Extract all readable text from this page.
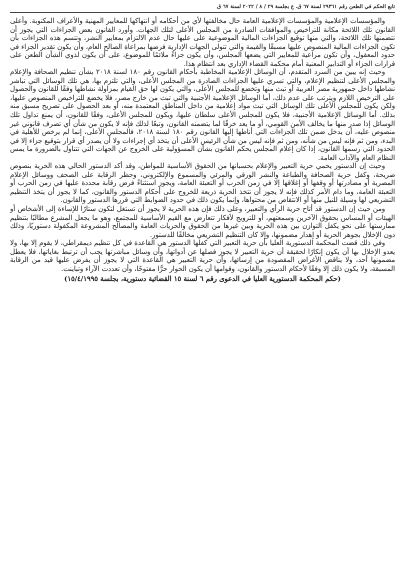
تابع الحكم في الطعن رقم ٢٩٣٦١ لسنة ٦٧ ق. ع بجلسة ٢٩ / ٨ / ٢٠٢٢ لسنة ٦٧ ق

والمؤسسات الإعلامية والمؤسسات الإعلامية العامة حال مخالفتها لأي من أحكامه أو انتهاكها للمعايير المهنية والأعراف المكتوبة. وأعلى القانون تلك اللائحة مكانة للتراخيص والموافقات الصادرة من المجلس الأعلى لتلك الجهات. وأورد القانون بعض الجزاءات التي يجوز أن تتضمنها تلك اللائحة، والتي منها توقيع الجزاءات المالية الموضوعية على عليها حال عدم الالتزام بمعايير النشر، وتتسم هذه الجزاءات بأن تكون الجزاءات المالية المنصوص عليها مسبقًا والقيمة والتي تتولى الجهات الإدارية فرضها بمراعاة الصالح العام، وأن يكون تقدير الجزاء في حدود المعقول، وأن تكون مراعية للمعايير التي يضعها المجلس، وأن يكون جزاءً ملائمًا للموضوع، على أن يكون لذوي الشأن الطعن على قرارات الجزاء أو التدابير المعنية أمام محكمة القضاء الإداري بعد انتظام هذا.

وحيث إنه يبين من السرد المتقدم، أن الوسائل الإعلامية المخاطبة بأحكام القانون رقم ١٨٠ لسنة ٢٠١٨ بشأن تنظيم الصحافة والإعلام والمجلس الأعلى لتنظيم الإعلام، والتي تسري عليها الجزاءات الصادرة من المجلس الأعلى، والتي تلتزم بها، هي تلك الوسائل التي تباشر نشاطها داخل جمهورية مصر العربية أو تبث منها وتخضع للمجلس الأعلى، والتي يكون لها حق القيام بمزاولة نشاطها وفقًا للقانون والحصول على الترخيص اللازم ويترتب على عدم ذلك، أما الوسائل الإعلامية الأجنبية والتي تبث من خارج مصر، فلا يخضع للتراخيص المنصوص عليها، ولكن يكون للمجلس الأعلى تلك الوسائل التي تبث مواد إعلامية من داخل المناطق المعتمدة منه، أو بعد الحصول على تصريح مسبق منه بذلك. أما الوسائل الإعلامية الأجنبية، فلا يكون للمجلس الأعلى سلطان عليها، ويكون للمجلس الأعلى، وفقًا للقانون، أن يمنع تداول تلك الوسائل إذا صدر منها ما يخالف الأمن القومي، أو ما يعد خرقًا لما يتضمنه القانون، وتبعًا لذلك فإنه لا يكون من شأن أي تصرف قانوني غير منصوص عليه، أن يدخل ضمن تلك الجزاءات التي أناطها إليها القانون رقم ١٨٠ لسنة ٢٠١٨، فالمجلس الأعلى، إنما لم يرخص للأهلية في البدء، ومن ثم فإنه ليس من شأنه، ومن ثم فإنه ليس من شأن الرئيس الأعلى أن يتخذ أي إجراءات ولا أن يصدر أي قرار بتوقيع جزاء إلا في الحدود التي رسمها القانون، إذا كان إعلام المجلس يحكم القانون بشأن المسؤولية على الخروج عن الجهات التي تتناول بالضرورة ما يمس النظام العام والآداب العامة.

وحيث إن الدستور يحمي حرية التعبير والإعلام بحسبانها من الحقوق الأساسية للمواطن، وقد أكد الدستور الحالي هذه الحرية بنصوص صريحة، وكفل حرية الصحافة والطباعة والنشر الورقي والمرئي والمسموع والإلكتروني، وحظر الرقابة على الصحف ووسائل الإعلام المصرية أو مصادرتها أو وقفها أو إغلاقها إلا في زمن الحرب أو التعبئة العامة، ويجوز استثناءً فرض رقابة محددة عليها في زمن الحرب أو التعبئة العامة، وما دام الأمر كذلك فإنه لا يجوز أن تتخذ الحرية ذريعة للخروج على أحكام الدستور والقانون، كما لا يجوز أن يتخذ التنظيم التشريعي لها وسيلة للنيل منها أو الانتقاص من محتواها، وإنما يكون ذلك في حدود الضوابط التي قررها الدستور والقانون.

ومن حيث إن الدستور قد أتاح حرية الرأي والتعبير، وعلى ذلك فإن هذه الحرية لا يجوز أن تستغل لتكون ستارًا للإساءة إلى الأشخاص أو الهيئات أو المساس بحقوق الآخرين وسمعتهم، أو للترويج لأفكار تتعارض مع القيم الأساسية للمجتمع، وهو ما يجعل المشرع مطالبًا بتنظيم ممارستها على نحو يكفل التوازن بين هذه الحرية وبين غيرها من الحقوق والحريات العامة والمصالح المشروعة المكفولة دستوريًا، وذلك دون الإخلال بجوهر الحرية أو إهدار مضمونها، وإلا كان التنظيم التشريعي مخالفًا للدستور.

وفي ذلك قضت المحكمة الدستورية العليا بأن حرية التعبير التي كفلها الدستور هي القاعدة في كل تنظيم ديمقراطي، لا يقوم إلا بها، ولا يعدو الإخلال بها أن يكون إنكارًا لحقيقة أن حرية التعبير لا يجوز فصلها عن أدواتها، وأن وسائل مباشرتها يجب أن ترتبط بغاياتها، فلا يعطل مضمونها أحد، ولا يناقض الأغراض المقصودة من إرسائها، وأن حرية التعبير هي القاعدة التي لا يجوز أن يفرض عليها قيد من الرقابة المسبقة، ولا يكون ذلك إلا وفقًا لأحكام الدستور والقانون، وقوامها أن يكون الحوار حرًّا مفتوحًا، وأن تعددت الآراء وتباينت.

(حكم المحكمة الدستورية العليا في الدعوى رقم ٦ لسنة ١٥ القضائية دستورية، بجلسة ١٥/٤/١٩٩٥)
